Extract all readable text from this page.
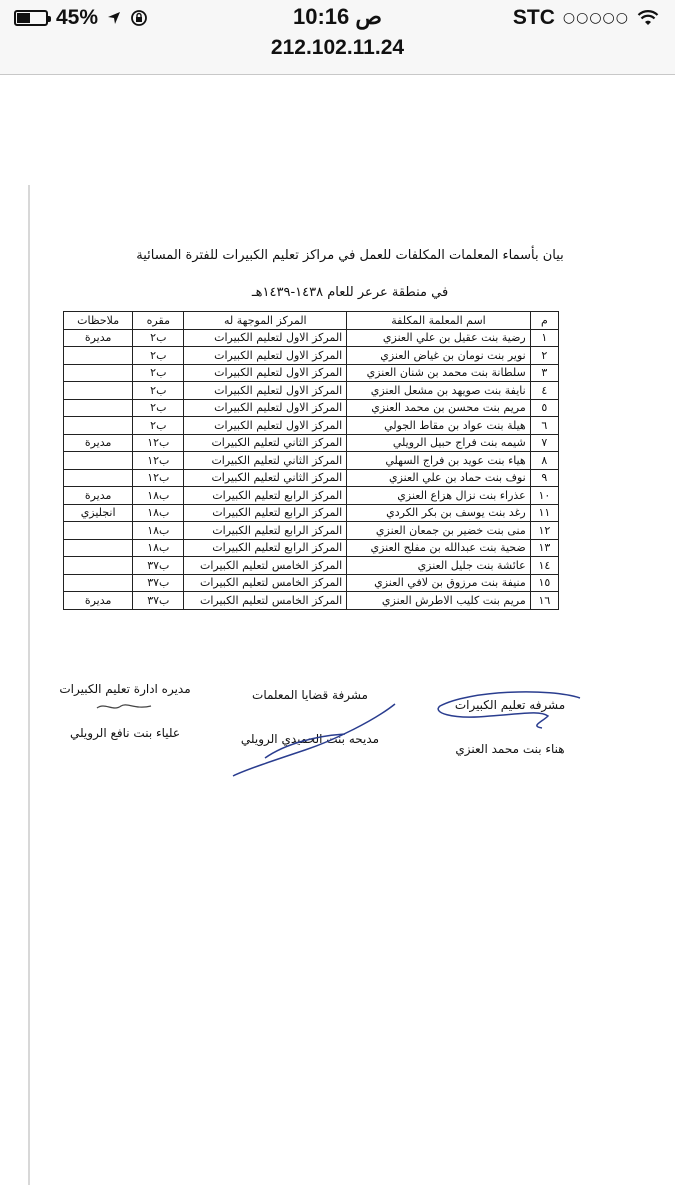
45%	10:16 ص
212.102.11.24
STC ○○○○○
بيان بأسماء المعلمات المكلفات للعمل في مراكز تعليم الكبيرات للفترة المسائية
في منطقة عرعر للعام ١٤٣٨-١٤٣٩هـ
م	اسم المعلمة المكلفة	المركز الموجهة له	مقره	ملاحظات
١	رضية بنت عقيل بن علي العنزي	المركز الاول لتعليم الكبيرات	ب٢	مديرة
٢	نوير بنت نومان بن غياض العنزي	المركز الاول لتعليم الكبيرات	ب٢	
٣	سلطانة بنت محمد بن شنان العنزي	المركز الاول لتعليم الكبيرات	ب٢	
٤	نايفة بنت صويهد بن مشعل العنزي	المركز الاول لتعليم الكبيرات	ب٢	
٥	مريم بنت محسن بن محمد العنزي	المركز الاول لتعليم الكبيرات	ب٢	
٦	هيلة بنت عواد بن مقاط الجولي	المركز الاول لتعليم الكبيرات	ب٢	
٧	شيمه بنت فراج حبيل الرويلي	المركز الثاني لتعليم الكبيرات	ب١٢	مديرة
٨	هياء بنت عويد بن فراج السهلي	المركز الثاني لتعليم الكبيرات	ب١٢	
٩	نوف بنت حماد بن علي العنزي	المركز الثاني لتعليم الكبيرات	ب١٢	
١٠	عذراء بنت نزال هزاع العنزي	المركز الرابع لتعليم الكبيرات	ب١٨	مديرة
١١	رغد بنت يوسف بن بكر الكردي	المركز الرابع لتعليم الكبيرات	ب١٨	انجليزي
١٢	منى بنت خضير بن جمعان العنزي	المركز الرابع لتعليم الكبيرات	ب١٨	
١٣	ضحية بنت عبدالله بن مفلح العنزي	المركز الرابع لتعليم الكبيرات	ب١٨	
١٤	عائشة بنت جليل العنزي	المركز الخامس لتعليم الكبيرات	ب٣٧	
١٥	منيفة بنت مرزوق بن لافي العنزي	المركز الخامس لتعليم الكبيرات	ب٣٧	
١٦	مريم بنت كليب الاطرش العنزي	المركز الخامس لتعليم الكبيرات	ب٣٧	مديرة
مشرفه تعليم الكبيرات
هناء بنت محمد العنزي
مشرفة قضايا المعلمات
مديحه بنت الحميدي الرويلي
مديره ادارة تعليم الكبيرات
علياء بنت نافع الرويلي
